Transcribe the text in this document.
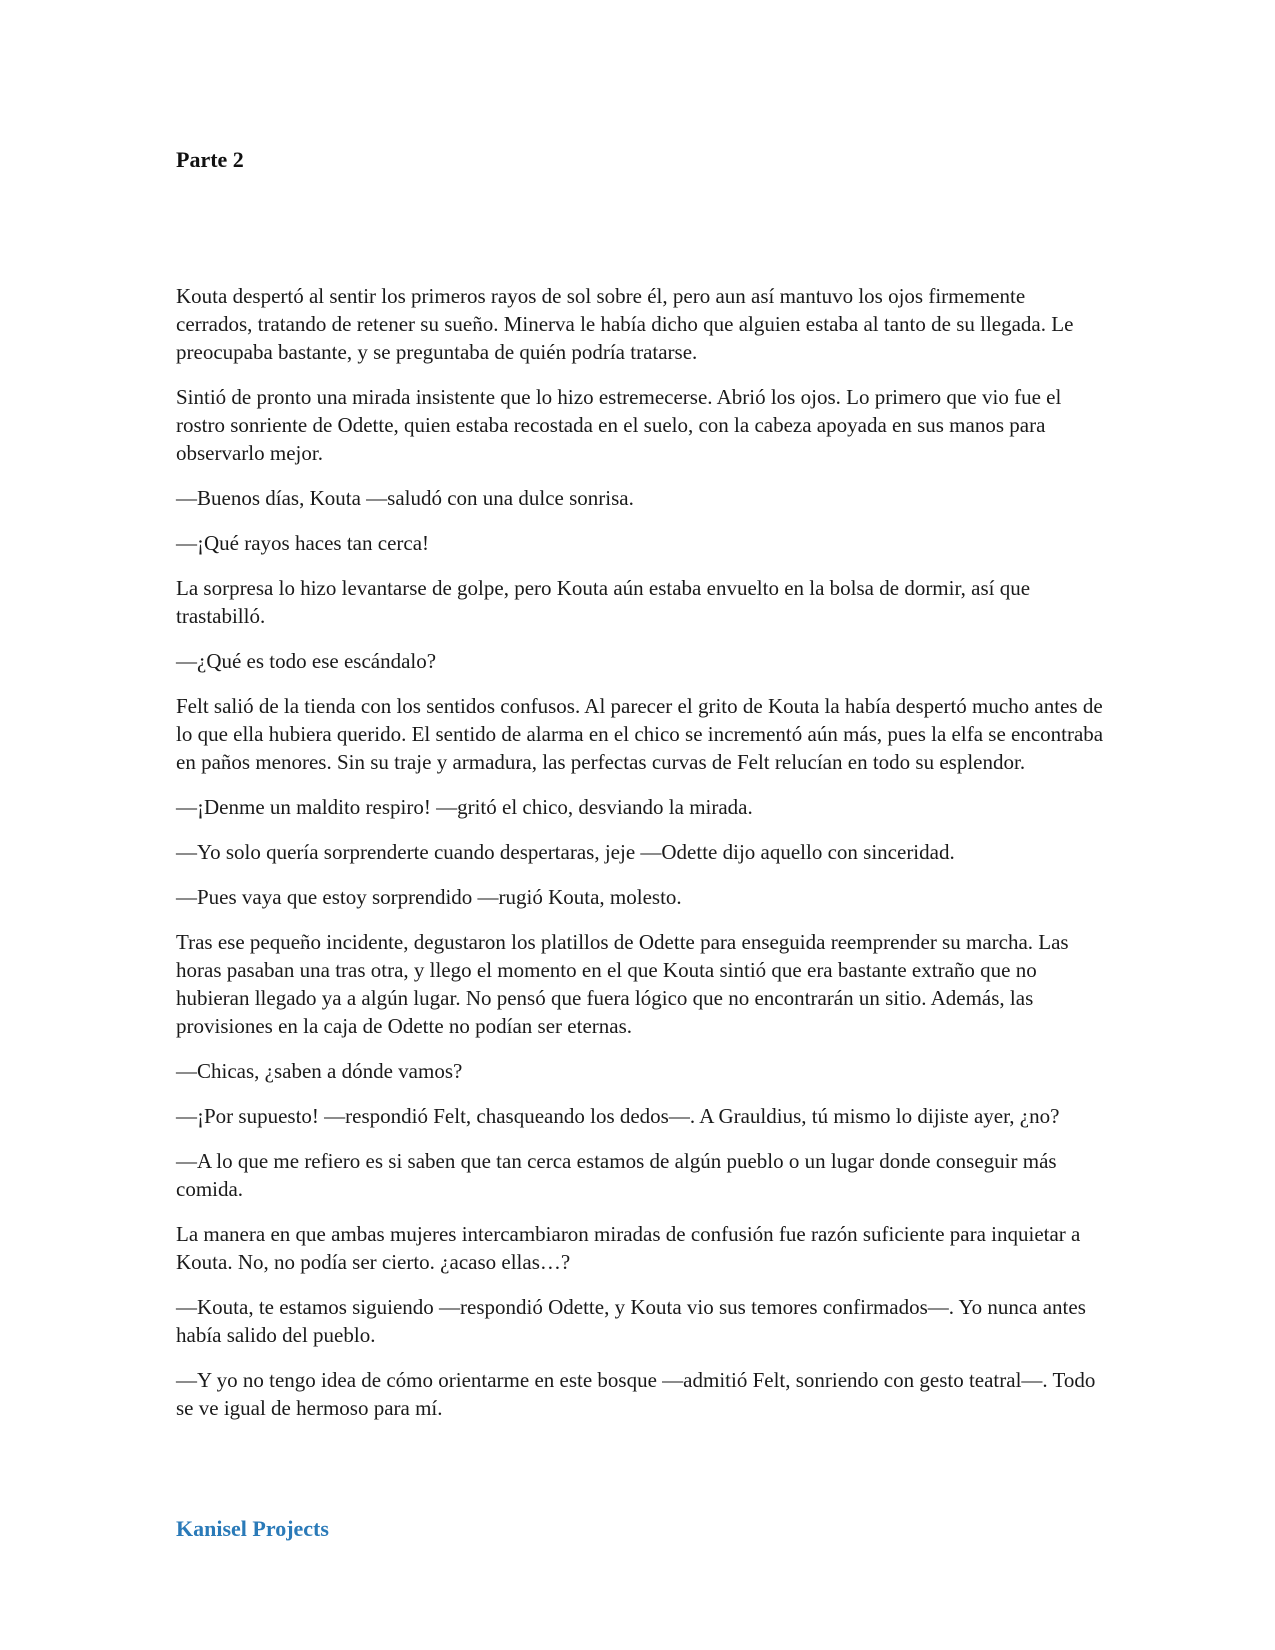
Parte 2

Kouta despertó al sentir los primeros rayos de sol sobre él, pero aun así mantuvo los ojos firmemente cerrados, tratando de retener su sueño. Minerva le había dicho que alguien estaba al tanto de su llegada. Le preocupaba bastante, y se preguntaba de quién podría tratarse.

Sintió de pronto una mirada insistente que lo hizo estremecerse. Abrió los ojos. Lo primero que vio fue el rostro sonriente de Odette, quien estaba recostada en el suelo, con la cabeza apoyada en sus manos para observarlo mejor.

—Buenos días, Kouta —saludó con una dulce sonrisa.

—¡Qué rayos haces tan cerca!

La sorpresa lo hizo levantarse de golpe, pero Kouta aún estaba envuelto en la bolsa de dormir, así que trastabilló.

—¿Qué es todo ese escándalo?

Felt salió de la tienda con los sentidos confusos. Al parecer el grito de Kouta la había despertó mucho antes de lo que ella hubiera querido. El sentido de alarma en el chico se incrementó aún más, pues la elfa se encontraba en paños menores. Sin su traje y armadura, las perfectas curvas de Felt relucían en todo su esplendor.

—¡Denme un maldito respiro! —gritó el chico, desviando la mirada.

—Yo solo quería sorprenderte cuando despertaras, jeje —Odette dijo aquello con sinceridad.

—Pues vaya que estoy sorprendido —rugió Kouta, molesto.

Tras ese pequeño incidente, degustaron los platillos de Odette para enseguida reemprender su marcha. Las horas pasaban una tras otra, y llego el momento en el que Kouta sintió que era bastante extraño que no hubieran llegado ya a algún lugar. No pensó que fuera lógico que no encontrarán un sitio. Además, las provisiones en la caja de Odette no podían ser eternas.

—Chicas, ¿saben a dónde vamos?

—¡Por supuesto! —respondió Felt, chasqueando los dedos—. A Grauldius, tú mismo lo dijiste ayer, ¿no?

—A lo que me refiero es si saben que tan cerca estamos de algún pueblo o un lugar donde conseguir más comida.

La manera en que ambas mujeres intercambiaron miradas de confusión fue razón suficiente para inquietar a Kouta. No, no podía ser cierto. ¿acaso ellas…?

—Kouta, te estamos siguiendo —respondió Odette, y Kouta vio sus temores confirmados—. Yo nunca antes había salido del pueblo.

—Y yo no tengo idea de cómo orientarme en este bosque —admitió Felt, sonriendo con gesto teatral—. Todo se ve igual de hermoso para mí.

Kanisel Projects
